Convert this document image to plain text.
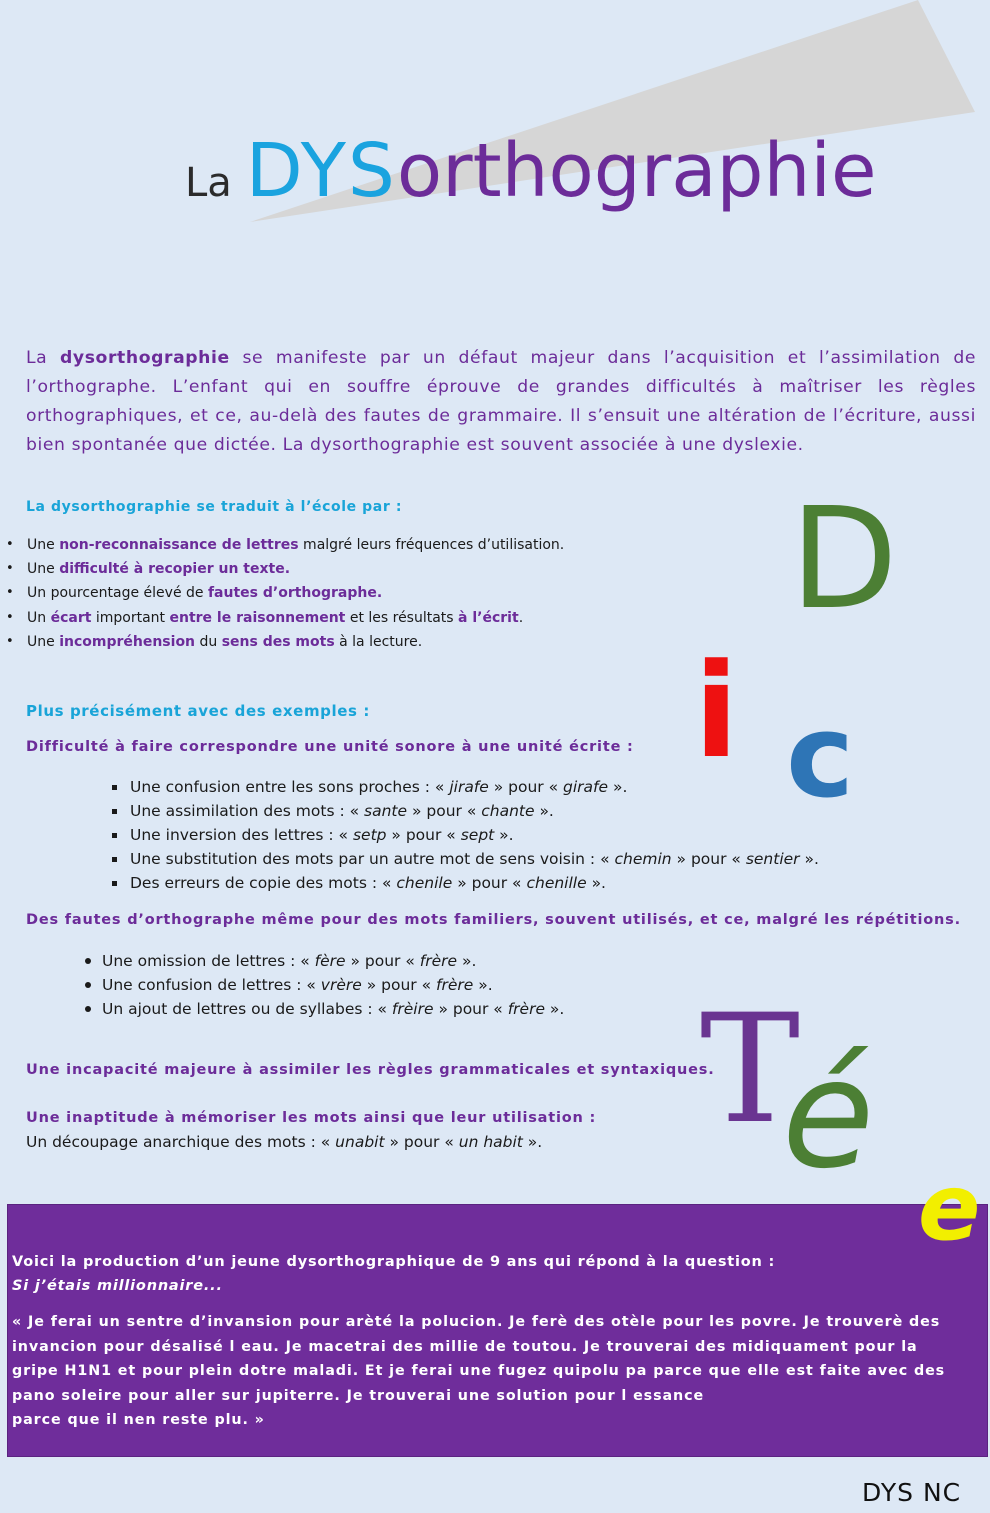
La DYSorthographie
La dysorthographie se manifeste par un défaut majeur dans l’acquisition et l’assimilation de l’orthographe. L’enfant qui en souffre éprouve de grandes difficultés à maîtriser les règles orthographiques, et ce, au-delà des fautes de grammaire. Il s’ensuit une altération de l’écriture, aussi bien spontanée que dictée. La dysorthographie est souvent associée à une dyslexie.
La dysorthographie se traduit à l’école par :
• Une non-reconnaissance de lettres malgré leurs fréquences d’utilisation.
• Une difficulté à recopier un texte.
• Un pourcentage élevé de fautes d’orthographe.
• Un écart important entre le raisonnement et les résultats à l’écrit.
• Une incompréhension du sens des mots à la lecture.
Plus précisément avec des exemples :
Difficulté à faire correspondre une unité sonore à une unité écrite :
Une confusion entre les sons proches : « jirafe » pour « girafe ».
Une assimilation des mots : « sante » pour « chante ».
Une inversion des lettres : « setp » pour « sept ».
Une substitution des mots par un autre mot de sens voisin : « chemin » pour « sentier ».
Des erreurs de copie des mots : « chenile » pour « chenille ».
Des fautes d’orthographe même pour des mots familiers, souvent utilisés, et ce, malgré les répétitions.
Une omission de lettres : « fère » pour « frère ».
Une confusion de lettres : « vrère » pour « frère ».
Un ajout de lettres ou de syllabes : « frèire » pour « frère ».
Une incapacité majeure à assimiler les règles grammaticales et syntaxiques.
Une inaptitude à mémoriser les mots ainsi que leur utilisation :
Un découpage anarchique des mots : « unabit » pour « un habit ».
D
i c
T
é
e
Voici la production d’un jeune dysorthographique de 9 ans qui répond à la question :
Si j’étais millionnaire...
« Je ferai un sentre d’invansion pour arèté la polucion. Je ferè des otèle pour les povre. Je trouverè des invancion pour désalisé l eau. Je macetrai des millie de toutou. Je trouverai des midiquament pour la gripe H1N1 et pour plein dotre maladi. Et je ferai une fugez quipolu pa parce que elle est faite avec des pano soleire pour aller sur jupiterre. Je trouverai une solution pour l essance
parce que il nen reste plu. »
DYS NC
